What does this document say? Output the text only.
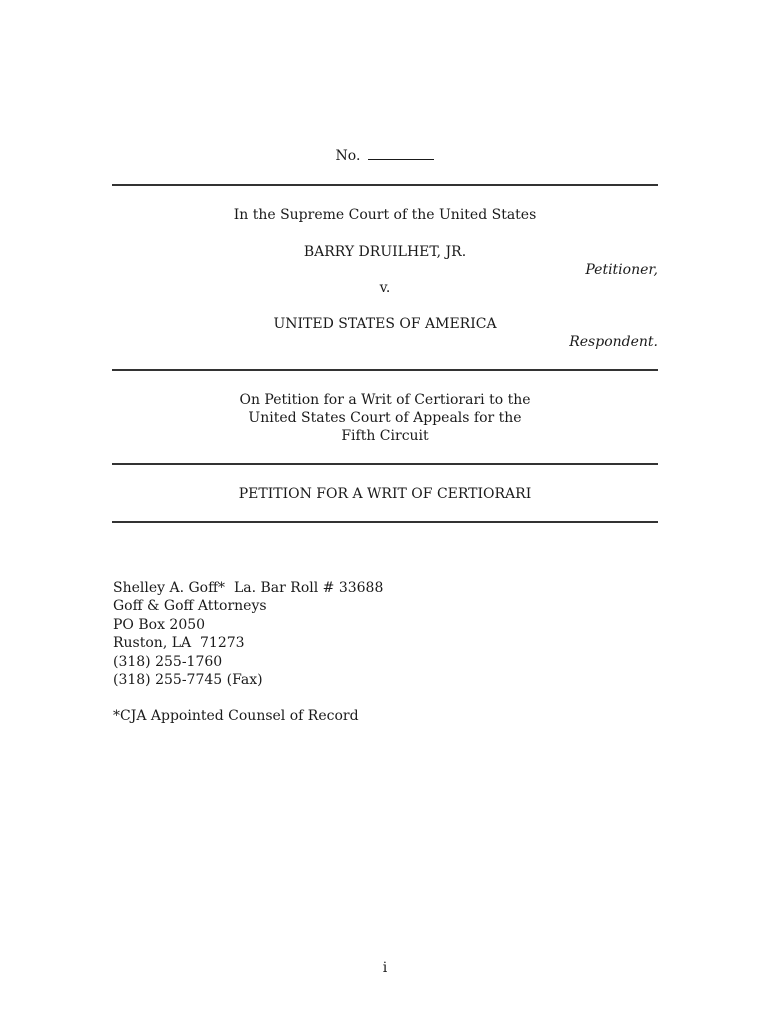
No.
In the Supreme Court of the United States
BARRY DRUILHET, JR.
Petitioner,
v.
UNITED STATES OF AMERICA
Respondent.
On Petition for a Writ of Certiorari to the
United States Court of Appeals for the
Fifth Circuit
PETITION FOR A WRIT OF CERTIORARI
Shelley A. Goff*  La. Bar Roll # 33688
Goff & Goff Attorneys
PO Box 2050
Ruston, LA  71273
(318) 255-1760
(318) 255-7745 (Fax)
*CJA Appointed Counsel of Record
i
